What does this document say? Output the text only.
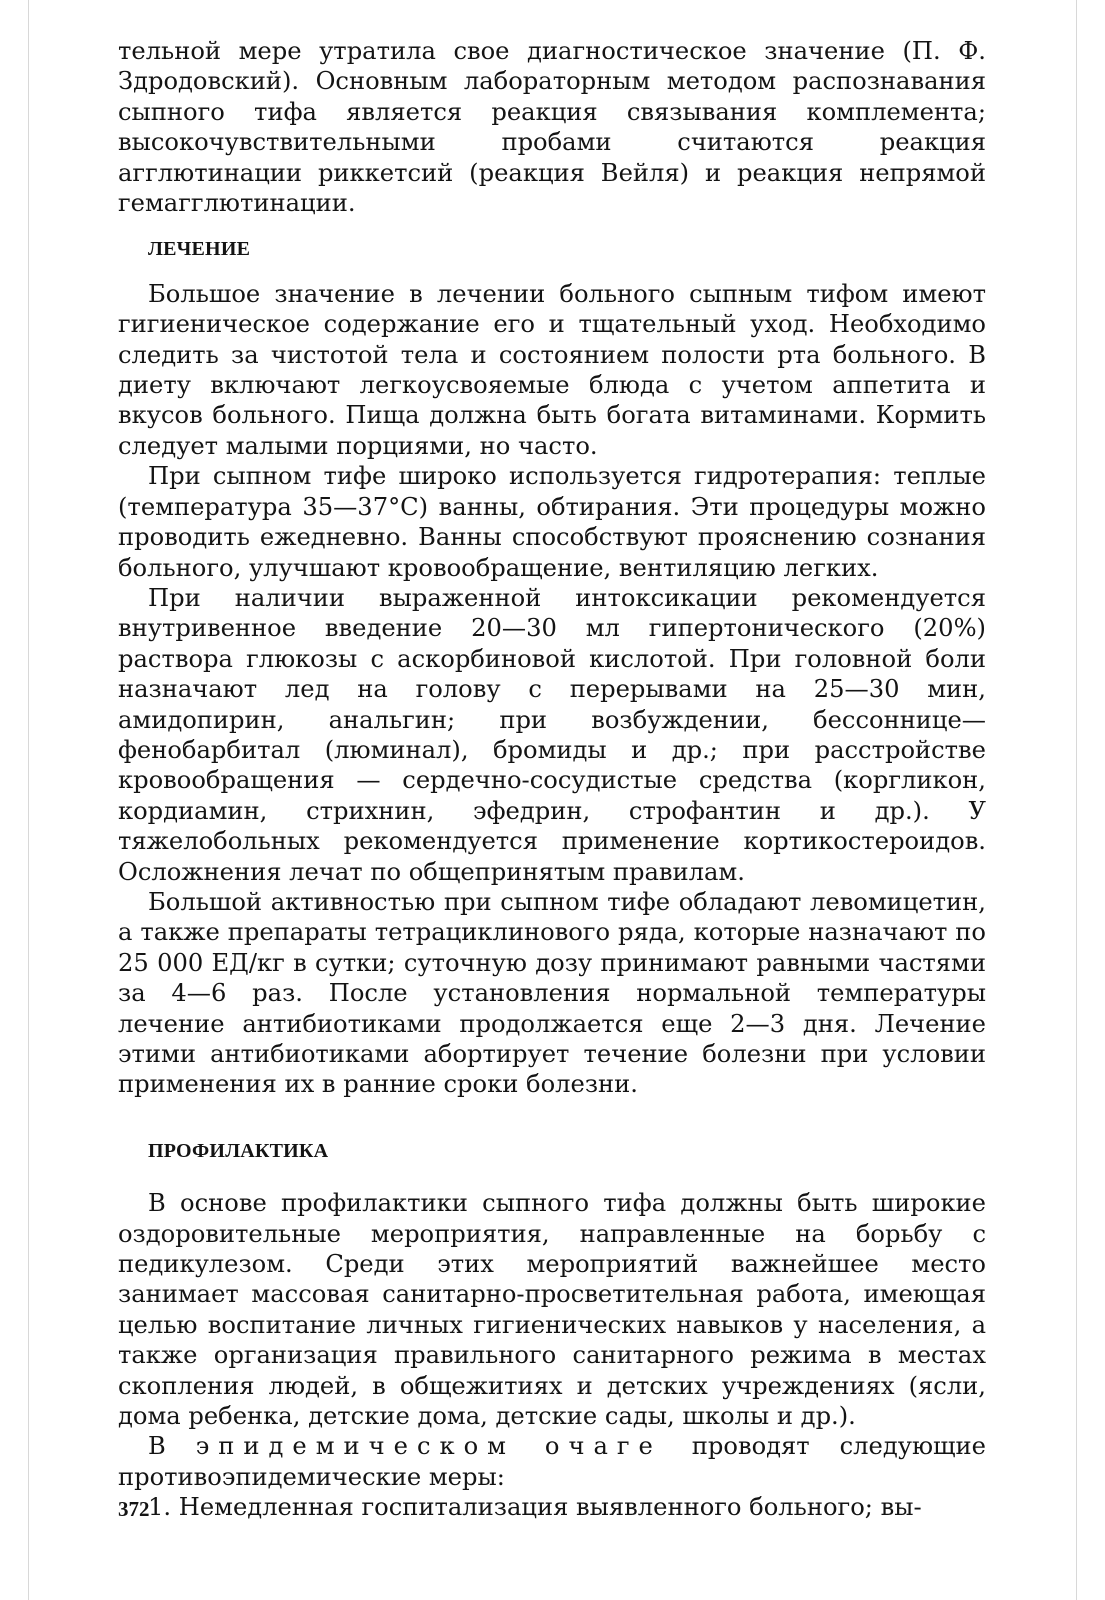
тельной мере утратила свое диагностическое значение (П. Ф. Здродовский). Основным лабораторным методом распознавания сыпного тифа является реакция связывания комплемента; высокочувствительными пробами считаются реакция агглютинации риккетсий (реакция Вейля) и реакция непрямой гемагглютинации.

ЛЕЧЕНИЕ

Большое значение в лечении больного сыпным тифом имеют гигиеническое содержание его и тщательный уход. Необходимо следить за чистотой тела и состоянием полости рта больного. В диету включают легкоусвояемые блюда с учетом аппетита и вкусов больного. Пища должна быть богата витаминами. Кормить следует малыми порциями, но часто.

При сыпном тифе широко используется гидротерапия: теплые (температура 35—37°С) ванны, обтирания. Эти процедуры можно проводить ежедневно. Ванны способствуют прояснению сознания больного, улучшают кровообращение, вентиляцию легких.

При наличии выраженной интоксикации рекомендуется внутривенное введение 20—30 мл гипертонического (20%) раствора глюкозы с аскорбиновой кислотой. При головной боли назначают лед на голову с перерывами на 25—30 мин, амидопирин, анальгин; при возбуждении, бессоннице—фенобарбитал (люминал), бромиды и др.; при расстройстве кровообращения — сердечно-сосудистые средства (коргликон, кордиамин, стрихнин, эфедрин, строфантин и др.). У тяжелобольных рекомендуется применение кортикостероидов. Осложнения лечат по общепринятым правилам.

Большой активностью при сыпном тифе обладают левомицетин, а также препараты тетрациклинового ряда, которые назначают по 25 000 ЕД/кг в сутки; суточную дозу принимают равными частями за 4—6 раз. После установления нормальной температуры лечение антибиотиками продолжается еще 2—3 дня. Лечение этими антибиотиками абортирует течение болезни при условии применения их в ранние сроки болезни.

ПРОФИЛАКТИКА

В основе профилактики сыпного тифа должны быть широкие оздоровительные мероприятия, направленные на борьбу с педикулезом. Среди этих мероприятий важнейшее место занимает массовая санитарно-просветительная работа, имеющая целью воспитание личных гигиенических навыков у населения, а также организация правильного санитарного режима в местах скопления людей, в общежитиях и детских учреждениях (ясли, дома ребенка, детские дома, детские сады, школы и др.).

В эпидемическом очаге проводят следующие

противоэпидемические меры:

1. Немедленная госпитализация выявленного больного; вы-

372
